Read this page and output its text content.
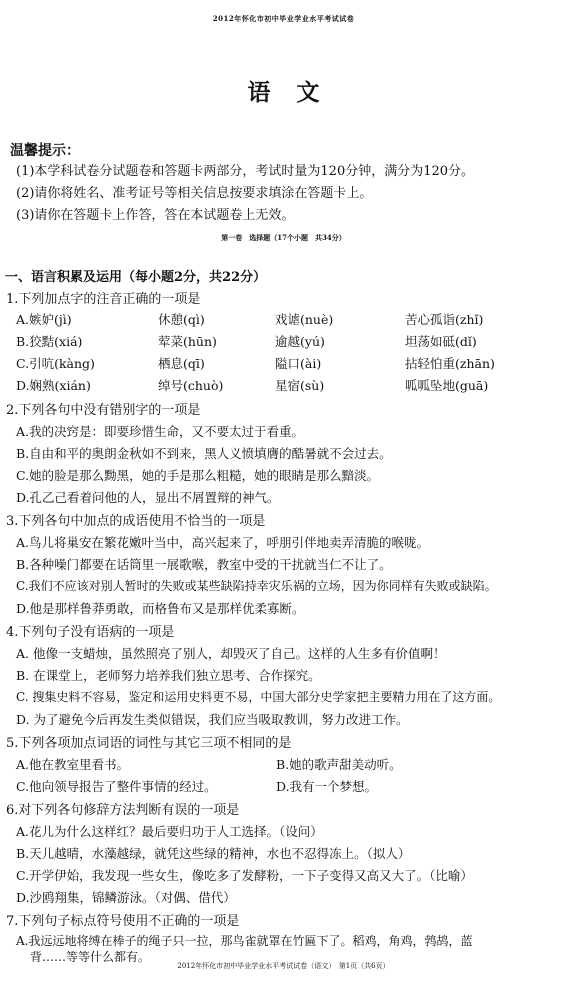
2012年怀化市初中毕业学业水平考试试卷
语文
温馨提示：
(1)本学科试卷分试题卷和答题卡两部分，考试时量为120分钟，满分为120分。
(2)请你将姓名、准考证号等相关信息按要求填涂在答题卡上。
(3)请你在答题卡上作答，答在本试题卷上无效。
第一卷　选择题（17个小题　共34分）
一、语言积累及运用（每小题2分，共22分）
1.下列加点字的注音正确的一项是
A.嫉妒(jì)	休憩(qì)	戏谑(nuè)	苦心孤诣(zhǐ)
B.狡黠(xiá)	荤菜(hūn)	逾越(yú)	坦荡如砥(dǐ)
C.引吭(kàng)	栖息(qī)	隘口(ài)	拈轻怕重(zhān)
D.娴熟(xián)	绰号(chuò)	星宿(sù)	呱呱坠地(guā)
2.下列各句中没有错别字的一项是
A.我的决窍是：即要珍惜生命，又不要太过于看重。
B.自由和平的奥朗金秋如不到来，黑人义愤填膺的酷暑就不会过去。
C.她的脸是那么黝黑，她的手是那么粗糙，她的眼睛是那么黯淡。
D.孔乙己看着问他的人，显出不屑置辩的神气。
3.下列各句中加点的成语使用不恰当的一项是
A.鸟儿将巢安在繁花嫩叶当中，高兴起来了，呼朋引伴地卖弄清脆的喉咙。
B.各种噪门都要在话筒里一展歌喉，教室中受的干扰就当仁不让了。
C.我们不应该对别人暂时的失败或某些缺陷持幸灾乐祸的立场，因为你同样有失败或缺陷。
D.他是那样鲁莽勇敢，而格鲁布又是那样优柔寡断。
4.下列句子没有语病的一项是
A. 他像一支蜡烛，虽然照亮了别人，却毁灭了自己。这样的人生多有价值啊！
B. 在课堂上，老师努力培养我们独立思考、合作探究。
C. 搜集史料不容易，鉴定和运用史料更不易，中国大部分史学家把主要精力用在了这方面。
D. 为了避免今后再发生类似错误，我们应当吸取教训，努力改进工作。
5.下列各项加点词语的词性与其它三项不相同的是
A.他在教室里看书。	B.她的歌声甜美动听。
C.他向领导报告了整件事情的经过。	D.我有一个梦想。
6.对下列各句修辞方法判断有误的一项是
A.花儿为什么这样红？最后要归功于人工选择。（设问）
B.天儿越晴，水藻越绿，就凭这些绿的精神，水也不忍得冻上。（拟人）
C.开学伊始，我发现一些女生，像吃多了发酵粉，一下子变得又高又大了。（比喻）
D.沙鸥翔集，锦鳞游泳。（对偶、借代）
7.下列句子标点符号使用不正确的一项是
A.我远远地将缚在棒子的绳子只一拉，那鸟雀就罩在竹匾下了。稻鸡，角鸡，鹁鸪，蓝
背……等等什么都有。
2012年怀化市初中毕业学业水平考试试卷（语文）　第1页（共6页）
